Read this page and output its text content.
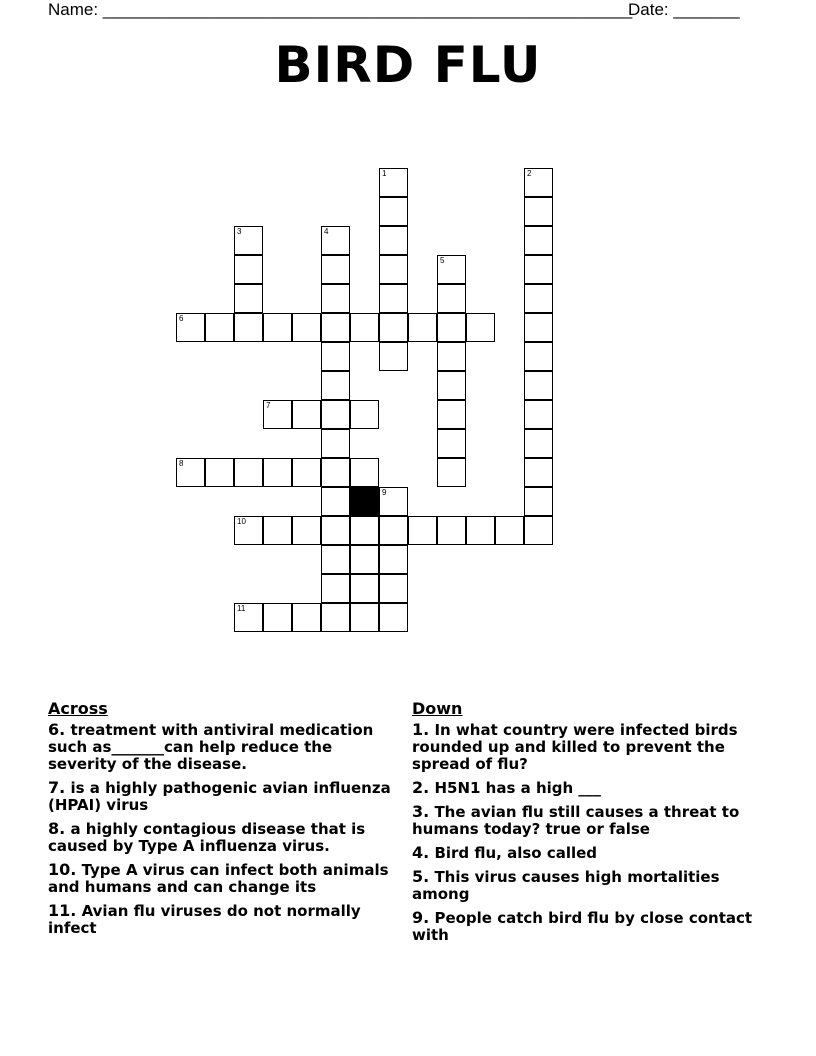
Name: ________________________________________________________
Date: _______
BIRD FLU
1	2
3	4
5
6
7
8
9
10
11
Across
6. treatment with antiviral medication such as_______can help reduce the severity of the disease.
7. is a highly pathogenic avian influenza (HPAI) virus
8. a highly contagious disease that is caused by Type A influenza virus.
10. Type A virus can infect both animals and humans and can change its
11. Avian flu viruses do not normally infect
Down
1. In what country were infected birds rounded up and killed to prevent the spread of flu?
2. H5N1 has a high ___
3. The avian flu still causes a threat to humans today? true or false
4. Bird flu, also called
5. This virus causes high mortalities among
9. People catch bird flu by close contact with
